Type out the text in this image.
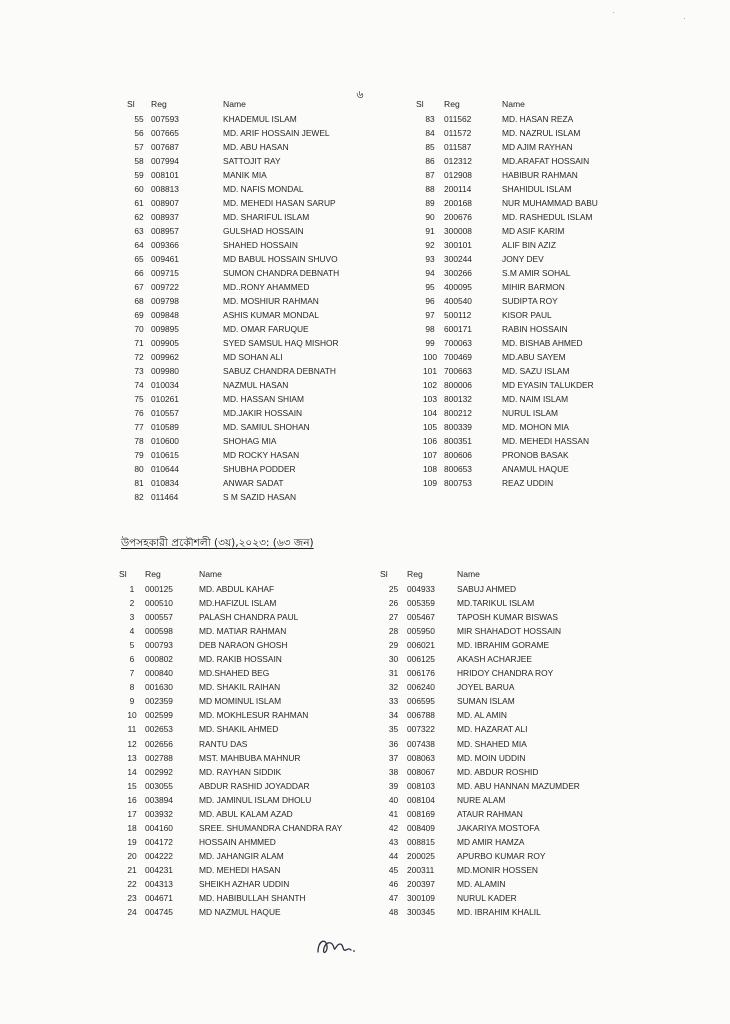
৬
Sl	Reg	Name
55	007593	KHADEMUL ISLAM
56	007665	MD. ARIF HOSSAIN JEWEL
57	007687	MD. ABU HASAN
58	007994	SATTOJIT RAY
59	008101	MANIK MIA
60	008813	MD. NAFIS MONDAL
61	008907	MD. MEHEDI HASAN SARUP
62	008937	MD. SHARIFUL ISLAM
63	008957	GULSHAD HOSSAIN
64	009366	SHAHED HOSSAIN
65	009461	MD BABUL HOSSAIN SHUVO
66	009715	SUMON CHANDRA DEBNATH
67	009722	MD..RONY AHAMMED
68	009798	MD. MOSHIUR RAHMAN
69	009848	ASHIS KUMAR MONDAL
70	009895	MD. OMAR FARUQUE
71	009905	SYED SAMSUL HAQ MISHOR
72	009962	MD SOHAN ALI
73	009980	SABUZ CHANDRA DEBNATH
74	010034	NAZMUL HASAN
75	010261	MD. HASSAN SHIAM
76	010557	MD.JAKIR HOSSAIN
77	010589	MD. SAMIUL SHOHAN
78	010600	SHOHAG MIA
79	010615	MD ROCKY HASAN
80	010644	SHUBHA PODDER
81	010834	ANWAR SADAT
82	011464	S M SAZID HASAN
Sl	Reg	Name
83	011562	MD. HASAN REZA
84	011572	MD. NAZRUL ISLAM
85	011587	MD AJIM RAYHAN
86	012312	MD.ARAFAT HOSSAIN
87	012908	HABIBUR RAHMAN
88	200114	SHAHIDUL ISLAM
89	200168	NUR MUHAMMAD BABU
90	200676	MD. RASHEDUL ISLAM
91	300008	MD ASIF KARIM
92	300101	ALIF BIN AZIZ
93	300244	JONY DEV
94	300266	S.M AMIR SOHAL
95	400095	MIHIR BARMON
96	400540	SUDIPTA ROY
97	500112	KISOR PAUL
98	600171	RABIN HOSSAIN
99	700063	MD. BISHAB AHMED
100	700469	MD.ABU SAYEM
101	700663	MD. SAZU ISLAM
102	800006	MD EYASIN TALUKDER
103	800132	MD. NAIM ISLAM
104	800212	NURUL ISLAM
105	800339	MD. MOHON MIA
106	800351	MD. MEHEDI HASSAN
107	800606	PRONOB BASAK
108	800653	ANAMUL HAQUE
109	800753	REAZ UDDIN
উপসহকারী প্রকৌশলী (৩য়),২০২৩: (৬৩ জন)
Sl	Reg	Name
1	000125	MD. ABDUL KAHAF
2	000510	MD.HAFIZUL ISLAM
3	000557	PALASH CHANDRA PAUL
4	000598	MD. MATIAR RAHMAN
5	000793	DEB NARAON GHOSH
6	000802	MD. RAKIB HOSSAIN
7	000840	MD.SHAHED BEG
8	001630	MD. SHAKIL RAIHAN
9	002359	MD MOMINUL ISLAM
10	002599	MD. MOKHLESUR RAHMAN
11	002653	MD. SHAKIL AHMED
12	002656	RANTU DAS
13	002788	MST. MAHBUBA MAHNUR
14	002992	MD. RAYHAN SIDDIK
15	003055	ABDUR RASHID JOYADDAR
16	003894	MD. JAMINUL ISLAM DHOLU
17	003932	MD. ABUL KALAM AZAD
18	004160	SREE. SHUMANDRA CHANDRA RAY
19	004172	HOSSAIN AHMMED
20	004222	MD. JAHANGIR ALAM
21	004231	MD. MEHEDI HASAN
22	004313	SHEIKH AZHAR UDDIN
23	004671	MD. HABIBULLAH SHANTH
24	004745	MD NAZMUL HAQUE
Sl	Reg	Name
25	004933	SABUJ AHMED
26	005359	MD.TARIKUL ISLAM
27	005467	TAPOSH KUMAR BISWAS
28	005950	MIR SHAHADOT HOSSAIN
29	006021	MD. IBRAHIM GORAME
30	006125	AKASH ACHARJEE
31	006176	HRIDOY CHANDRA ROY
32	006240	JOYEL BARUA
33	006595	SUMAN ISLAM
34	006788	MD. AL AMIN
35	007322	MD. HAZARAT ALI
36	007438	MD. SHAHED MIA
37	008063	MD. MOIN UDDIN
38	008067	MD. ABDUR ROSHID
39	008103	MD. ABU HANNAN MAZUMDER
40	008104	NURE ALAM
41	008169	ATAUR RAHMAN
42	008409	JAKARIYA MOSTOFA
43	008815	MD AMIR HAMZA
44	200025	APURBO KUMAR ROY
45	200311	MD.MONIR HOSSEN
46	200397	MD. ALAMIN
47	300109	NURUL KADER
48	300345	MD. IBRAHIM KHALIL
·
·
